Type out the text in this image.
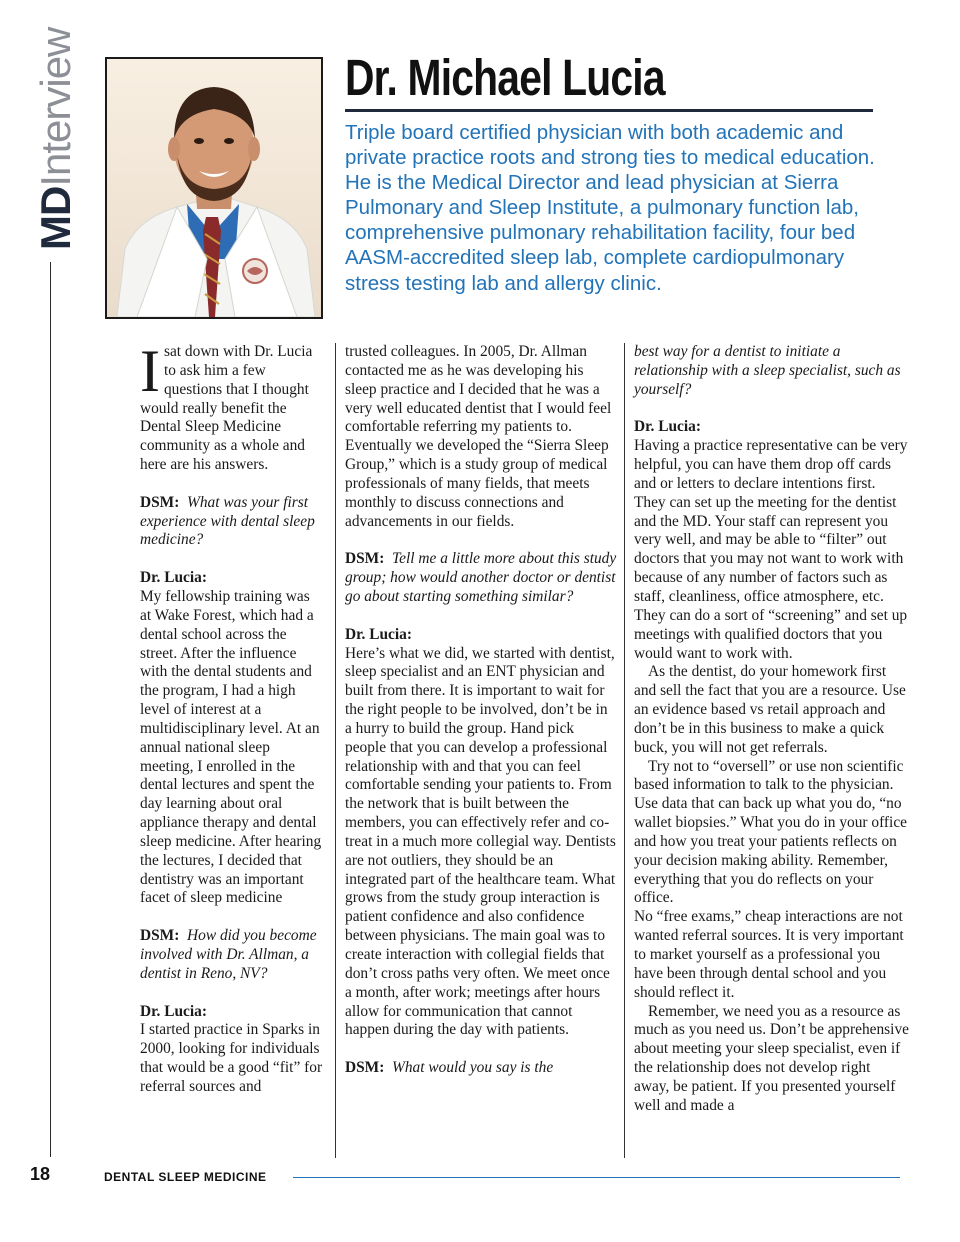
MDInterview	Dr. Michael Lucia
Triple board certified physician with both academic and private practice roots and strong ties to medical education. He is the Medical Director and lead physician at Sierra Pulmonary and Sleep Institute, a pulmonary function lab, comprehensive pulmonary rehabilitation facility, four bed AASM-accredited sleep lab, complete cardiopulmonary stress testing lab and allergy clinic.

Isat down with Dr. Lucia to ask him a few questions that I thought would really benefit the Dental Sleep Medicine community as a whole and here are his answers.

DSM: What was your first experience with dental sleep medicine?

Dr. Lucia:

My fellowship training was at Wake Forest, which had a dental school across the street. After the influence with the dental students and the program, I had a high level of interest at a multidisciplinary level. At an annual national sleep meeting, I enrolled in the dental lectures and spent the day learning about oral appliance therapy and dental sleep medicine. After hearing the lectures, I decided that dentistry was an important facet of sleep medicine

DSM: How did you become involved with Dr. Allman, a dentist in Reno, NV?

Dr. Lucia:

I started practice in Sparks in 2000, looking for individuals that would be a good “fit” for referral sources and

trusted colleagues. In 2005, Dr. Allman contacted me as he was developing his sleep practice and I decided that he was a very well educated dentist that I would feel comfortable referring my patients to. Eventually we developed the “Sierra Sleep Group,” which is a study group of medical professionals of many fields, that meets monthly to discuss connections and advancements in our fields.

DSM: Tell me a little more about this study group; how would another doctor or dentist go about starting something similar?

Dr. Lucia:

Here’s what we did, we started with dentist, sleep specialist and an ENT physician and built from there. It is important to wait for the right people to be involved, don’t be in a hurry to build the group. Hand pick people that you can develop a professional relationship with and that you can feel comfortable sending your patients to. From the network that is built between the members, you can effectively refer and co-treat in a much more collegial way. Dentists are not outliers, they should be an integrated part of the healthcare team. What grows from the study group interaction is patient confidence and also confidence between physicians. The main goal was to create interaction with collegial fields that don’t cross paths very often. We meet once a month, after work; meetings after hours allow for communication that cannot happen during the day with patients.

DSM: What would you say is the

best way for a dentist to initiate a relationship with a sleep specialist, such as yourself?

Dr. Lucia:

Having a practice representative can be very helpful, you can have them drop off cards and or letters to declare intentions first. They can set up the meeting for the dentist and the MD. Your staff can represent you very well, and may be able to “filter” out doctors that you may not want to work with because of any number of factors such as staff, cleanliness, office atmosphere, etc. They can do a sort of “screening” and set up meetings with qualified doctors that you would want to work with.

As the dentist, do your homework first and sell the fact that you are a resource. Use an evidence based vs retail approach and don’t be in this business to make a quick buck, you will not get referrals.

Try not to “oversell” or use non scientific based information to talk to the physician. Use data that can back up what you do, “no wallet biopsies.” What you do in your office and how you treat your patients reflects on your decision making ability. Remember, everything that you do reflects on your office.

No “free exams,” cheap interactions are not wanted referral sources. It is very important to market yourself as a professional you have been through dental school and you should reflect it.

Remember, we need you as a resource as much as you need us. Don’t be apprehensive about meeting your sleep specialist, even if the relationship does not develop right away, be patient. If you presented yourself well and made a

18	DENTAL SLEEP MEDICINE
